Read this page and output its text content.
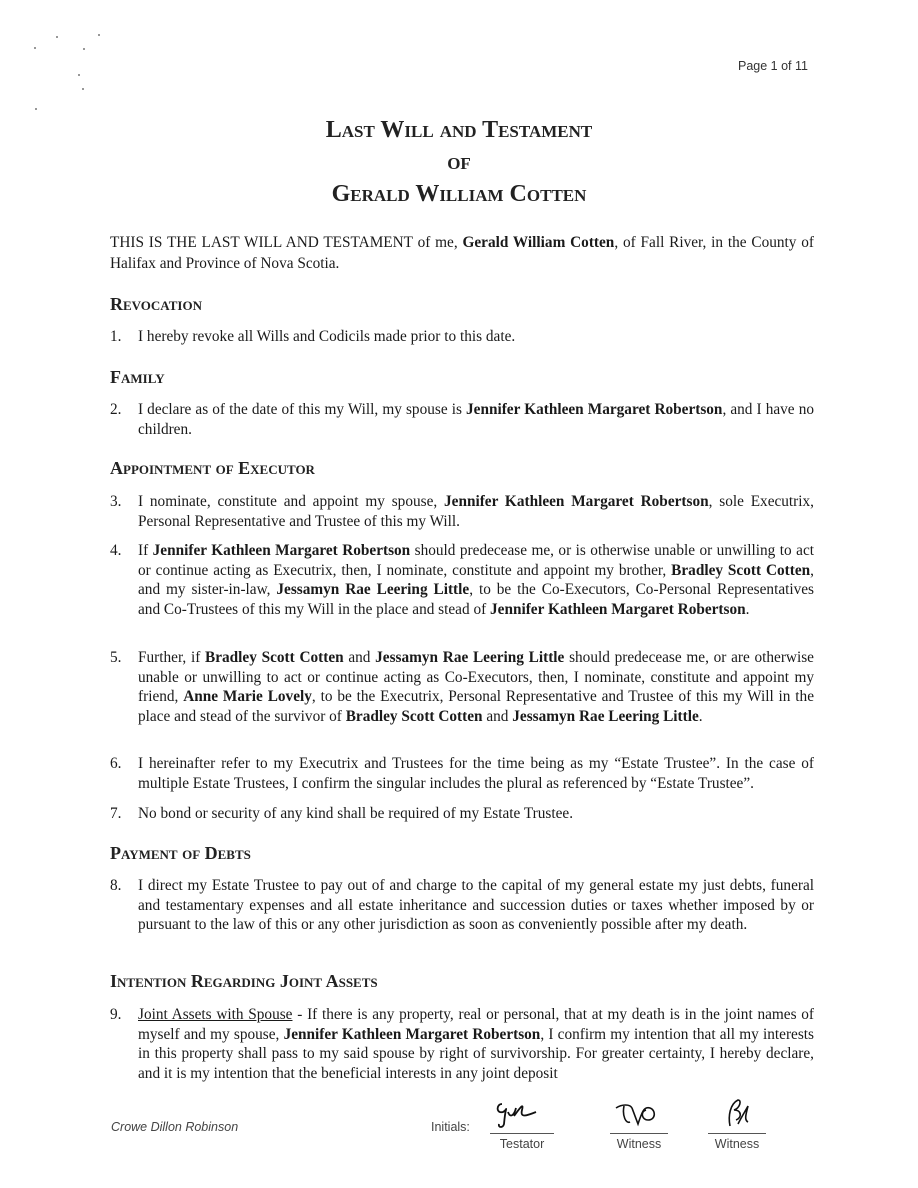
Page 1 of 11
Last Will and Testament
of
Gerald William Cotten
THIS IS THE LAST WILL AND TESTAMENT of me, Gerald William Cotten, of Fall River, in the County of Halifax and Province of Nova Scotia.
Revocation
1.	I hereby revoke all Wills and Codicils made prior to this date.
Family
2.	I declare as of the date of this my Will, my spouse is Jennifer Kathleen Margaret Robertson, and I have no children.
Appointment of Executor
3.	I nominate, constitute and appoint my spouse, Jennifer Kathleen Margaret Robertson, sole Executrix, Personal Representative and Trustee of this my Will.
4.	If Jennifer Kathleen Margaret Robertson should predecease me, or is otherwise unable or unwilling to act or continue acting as Executrix, then, I nominate, constitute and appoint my brother, Bradley Scott Cotten, and my sister-in-law, Jessamyn Rae Leering Little, to be the Co-Executors, Co-Personal Representatives and Co-Trustees of this my Will in the place and stead of Jennifer Kathleen Margaret Robertson.
5.	Further, if Bradley Scott Cotten and Jessamyn Rae Leering Little should predecease me, or are otherwise unable or unwilling to act or continue acting as Co-Executors, then, I nominate, constitute and appoint my friend, Anne Marie Lovely, to be the Executrix, Personal Representative and Trustee of this my Will in the place and stead of the survivor of Bradley Scott Cotten and Jessamyn Rae Leering Little.
6.	I hereinafter refer to my Executrix and Trustees for the time being as my “Estate Trustee”. In the case of multiple Estate Trustees, I confirm the singular includes the plural as referenced by “Estate Trustee”.
7.	No bond or security of any kind shall be required of my Estate Trustee.
Payment of Debts
8.	I direct my Estate Trustee to pay out of and charge to the capital of my general estate my just debts, funeral and testamentary expenses and all estate inheritance and succession duties or taxes whether imposed by or pursuant to the law of this or any other jurisdiction as soon as conveniently possible after my death.
Intention Regarding Joint Assets
9.	Joint Assets with Spouse - If there is any property, real or personal, that at my death is in the joint names of myself and my spouse, Jennifer Kathleen Margaret Robertson, I confirm my intention that all my interests in this property shall pass to my said spouse by right of survivorship. For greater certainty, I hereby declare, and it is my intention that the beneficial interests in any joint deposit
Crowe Dillon Robinson	Initials:
Testator	Witness	Witness
